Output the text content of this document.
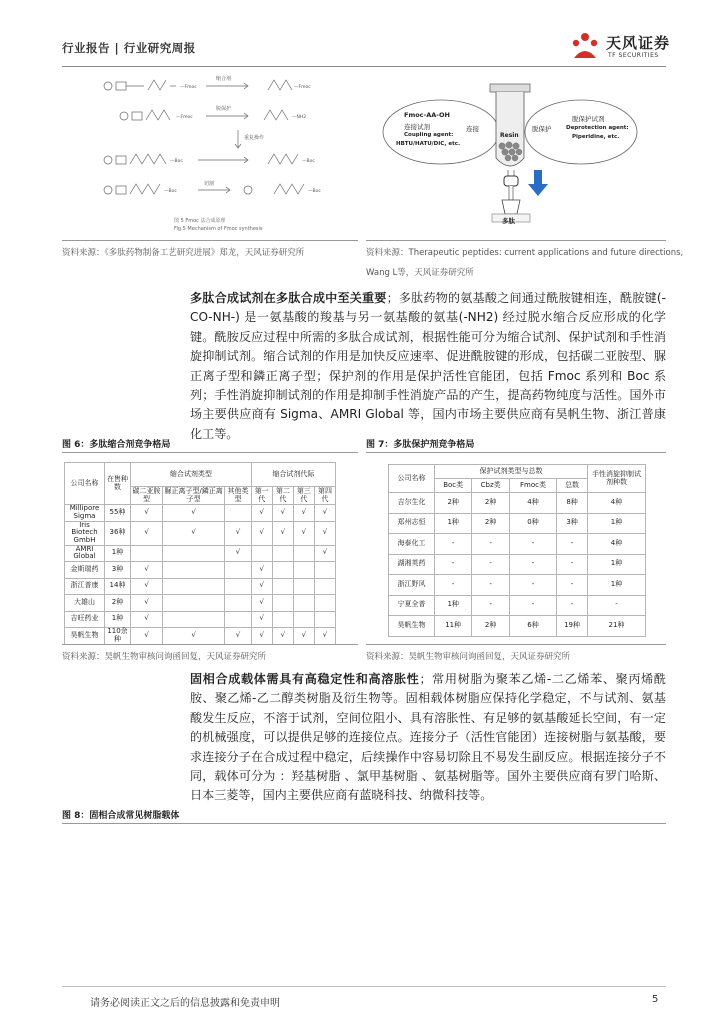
行业报告 | 行业研究周报	天风证券
TF SECURITIES
—Fmoc	—Fmoc
—Fmoc	—NH2
—Boc	—Boc
—Boc	—Boc
缩合剂
脱保护
重复操作
切割
图 5 Fmoc 法合成原理
Fig.5 Mechanism of Fmoc synthesis
资料来源：《多肽药物制备工艺研究进展》郑龙，天风证券研究所
Fmoc-AA-OH
连接试剂
Coupling agent:
HBTU/HATU/DIC, etc.
连接
Resin
脱保护
脱保护试剂
Deprotection agent:
Piperidine, etc.
多肽
资料来源：Therapeutic peptides: current applications and future directions,
Wang L等，天风证券研究所
多肽合成试剂在多肽合成中至关重要；多肽药物的氨基酸之间通过酰胺键相连，酰胺键(-CO-NH-) 是一氨基酸的羧基与另一氨基酸的氨基(-NH2) 经过脱水缩合反应形成的化学键。酰胺反应过程中所需的多肽合成试剂，根据性能可分为缩合试剂、保护试剂和手性消旋抑制试剂。缩合试剂的作用是加快反应速率、促进酰胺键的形成，包括碳二亚胺型、脲正离子型和鏻正离子型；保护剂的作用是保护活性官能团，包括 Fmoc 系列和 Boc 系列；手性消旋抑制试剂的作用是抑制手性消旋产品的产生，提高药物纯度与活性。国外市场主要供应商有 Sigma、AMRI Global 等，国内市场主要供应商有昊帆生物、浙江普康化工等。
图 6：多肽缩合剂竞争格局
公司名称	在售种数	缩合试剂类型			缩合试剂代际			
		碳二亚胺型	脲正离子型/鏻正离子型	其他类型	第一代	第二代	第三代	第四代
Millipore Sigma	55种	√	√		√	√	√	√
Iris Biotech GmbH	36种	√	√	√	√	√	√	√
AMRI Global	1种			√				√
金斯瑞药	3种	√			√			
浙江普康	14种	√			√			
大雄山	2种	√			√			
吉旺药业	1种	√			√			
昊帆生物	110余种	√	√	√	√	√	√	√
资料来源：昊帆生物审核问询函回复，天风证券研究所
图 7：多肽保护剂竞争格局
公司名称	保护试剂类型与总数				手性消旋抑制试剂种数
	Boc类	Cbz类	Fmoc类	总数	
吉尔生化	2种	2种	4种	8种	4种
郑州志恒	1种	2种	0种	3种	1种
海泰化工	-	-	-	-	4种
湖湘英药	-	-	-	-	1种
浙江野风	-	-	-	-	1种
宁夏全普	1种	-	-	-	-
昊帆生物	11种	2种	6种	19种	21种
资料来源：昊帆生物审核问询函回复，天风证券研究所
固相合成载体需具有高稳定性和高溶胀性；常用树脂为聚苯乙烯-二乙烯苯、聚丙烯酰胺、聚乙烯-乙二醇类树脂及衍生物等。固相载体树脂应保持化学稳定，不与试剂、氨基酸发生反应，不溶于试剂，空间位阻小、具有溶胀性、有足够的氨基酸延长空间，有一定的机械强度，可以提供足够的连接位点。连接分子（活性官能团）连接树脂与氨基酸，要求连接分子在合成过程中稳定，后续操作中容易切除且不易发生副反应。根据连接分子不同，载体可分为 ：羟基树脂 、氯甲基树脂 、氨基树脂等。国外主要供应商有罗门哈斯、日本三菱等，国内主要供应商有蓝晓科技、纳微科技等。
图 8：固相合成常见树脂载体
请务必阅读正文之后的信息披露和免责申明	5
